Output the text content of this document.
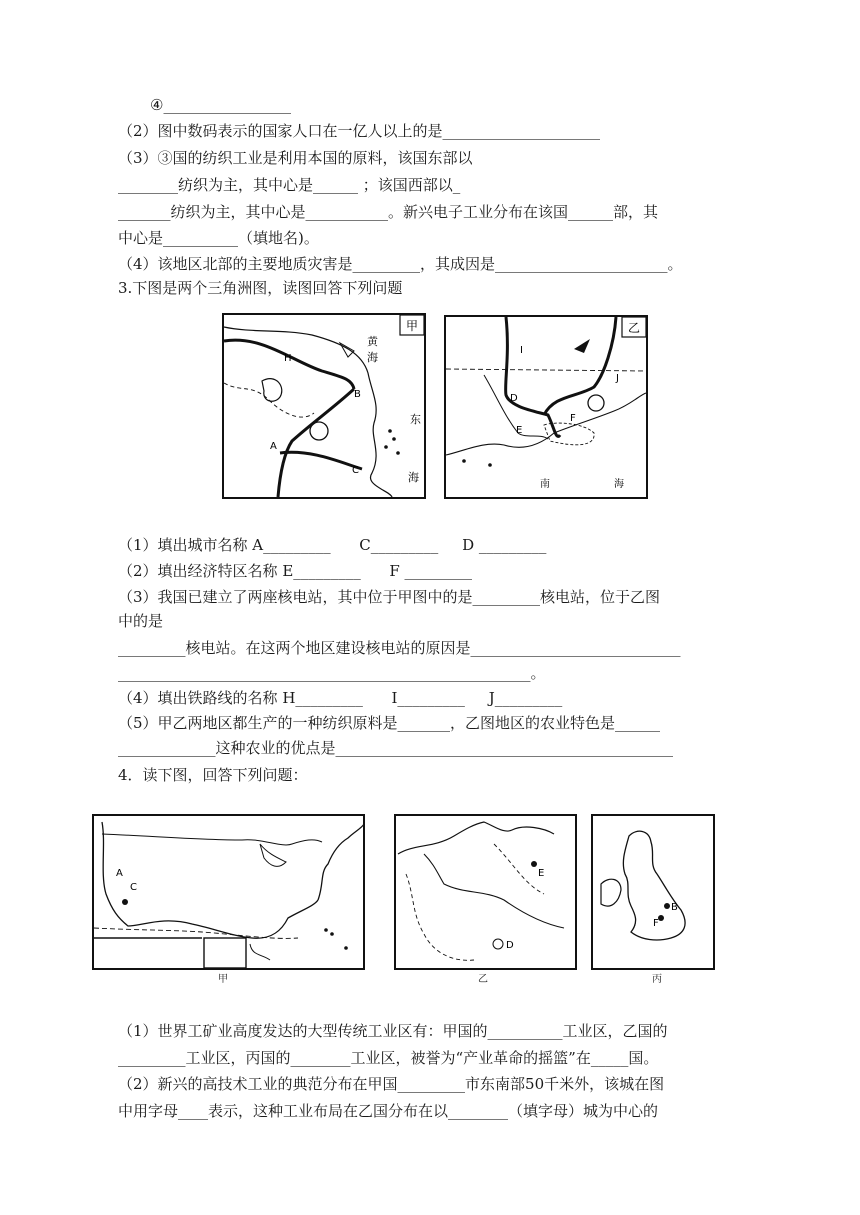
④_________________
（2）图中数码表示的国家人口在一亿人以上的是_____________________
（3）③国的纺织工业是利用本国的原料，该国东部以
________纺织为主，其中心是______ ；该国西部以_
_______纺织为主，其中心是___________。新兴电子工业分布在该国______部，其
中心是__________（填地名)。
（4）该地区北部的主要地质灾害是_________，其成因是_______________________。
3.下图是两个三角洲图，读图回答下列问题
甲
黄
海
东
海
H
B
A
C
乙
I
J
D
E
F
南	海
（1）填出城市名称 A_________      C_________     D _________
（2）填出经济特区名称 E_________      F _________
（3）我国已建立了两座核电站，其中位于甲图中的是_________核电站，位于乙图
中的是
_________核电站。在这两个地区建设核电站的原因是____________________________
_______________________________________________________。
（4）填出铁路线的名称 H_________      I_________     J_________
（5）甲乙两地区都生产的一种纺织原料是_______，乙图地区的农业特色是______
_____________这种农业的优点是_____________________________________________
4．读下图，回答下列问题：
A
C
甲
E
D
乙
B
F
丙
（1）世界工矿业高度发达的大型传统工业区有：甲国的__________工业区，乙国的
_________工业区，丙国的________工业区，被誉为“产业革命的摇篮”在_____国。
（2）新兴的高技术工业的典范分布在甲国_________市东南部50千米外，该城在图
中用字母____表示，这种工业布局在乙国分布在以________（填字母）城为中心的
